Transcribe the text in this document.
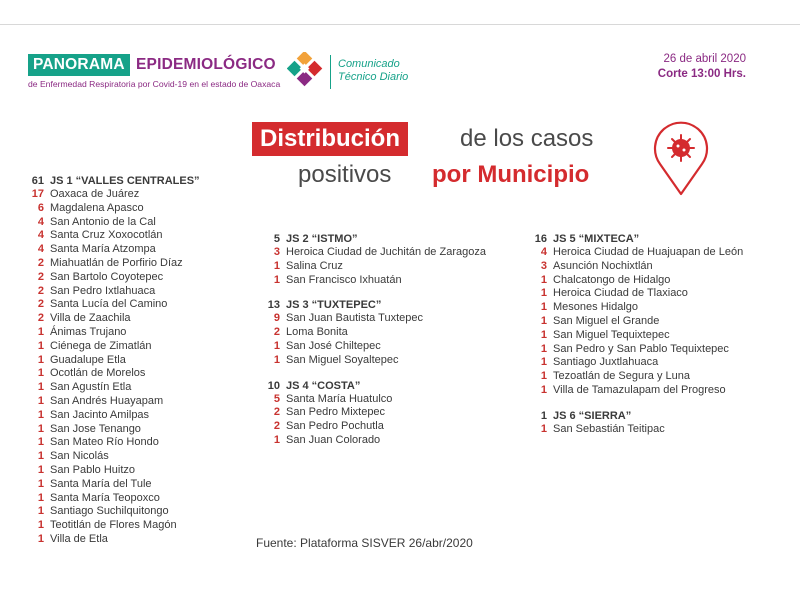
PANORAMA EPIDEMIOLÓGICO
de Enfermedad Respiratoria por Covid-19 en el estado de Oaxaca
Comunicado
Técnico Diario
26 de abril 2020
Corte 13:00 Hrs.
Distribución	de los casos
positivos por Municipio
61 JS 1 “VALLES CENTRALES”
17 Oaxaca de Juárez
6 Magdalena Apasco
4 San Antonio de la Cal
4 Santa Cruz Xoxocotlán
4 Santa María Atzompa
2 Miahuatlán de Porfirio Díaz
2 San Bartolo Coyotepec
2 San Pedro Ixtlahuaca
2 Santa Lucía del Camino
2 Villa de Zaachila
1 Ánimas Trujano
1 Ciénega de Zimatlán
1 Guadalupe Etla
1 Ocotlán de Morelos
1 San Agustín Etla
1 San Andrés Huayapam
1 San Jacinto Amilpas
1 San Jose Tenango
1 San Mateo Río Hondo
1 San Nicolás
1 San Pablo Huitzo
1 Santa María del Tule
1 Santa María Teopoxco
1 Santiago Suchilquitongo
1 Teotitlán de Flores Magón
1 Villa de Etla
5 JS 2 “ISTMO”
3 Heroica Ciudad de Juchitán de Zaragoza
1 Salina Cruz
1 San Francisco Ixhuatán
13 JS 3 “TUXTEPEC”
9 San Juan Bautista Tuxtepec
2 Loma Bonita
1 San José Chiltepec
1 San Miguel Soyaltepec
10 JS 4 “COSTA”
5 Santa María Huatulco
2 San Pedro Mixtepec
2 San Pedro Pochutla
1 San Juan Colorado
16 JS 5 “MIXTECA”
4 Heroica Ciudad de Huajuapan de León
3 Asunción Nochixtlán
1 Chalcatongo de Hidalgo
1 Heroica Ciudad de Tlaxiaco
1 Mesones Hidalgo
1 San Miguel el Grande
1 San Miguel Tequixtepec
1 San Pedro y San Pablo Tequixtepec
1 Santiago Juxtlahuaca
1 Tezoatlán de Segura y Luna
1 Villa de Tamazulapam del Progreso
1 JS 6 “SIERRA”
1 San Sebastián Teitipac
Fuente: Plataforma SISVER 26/abr/2020
